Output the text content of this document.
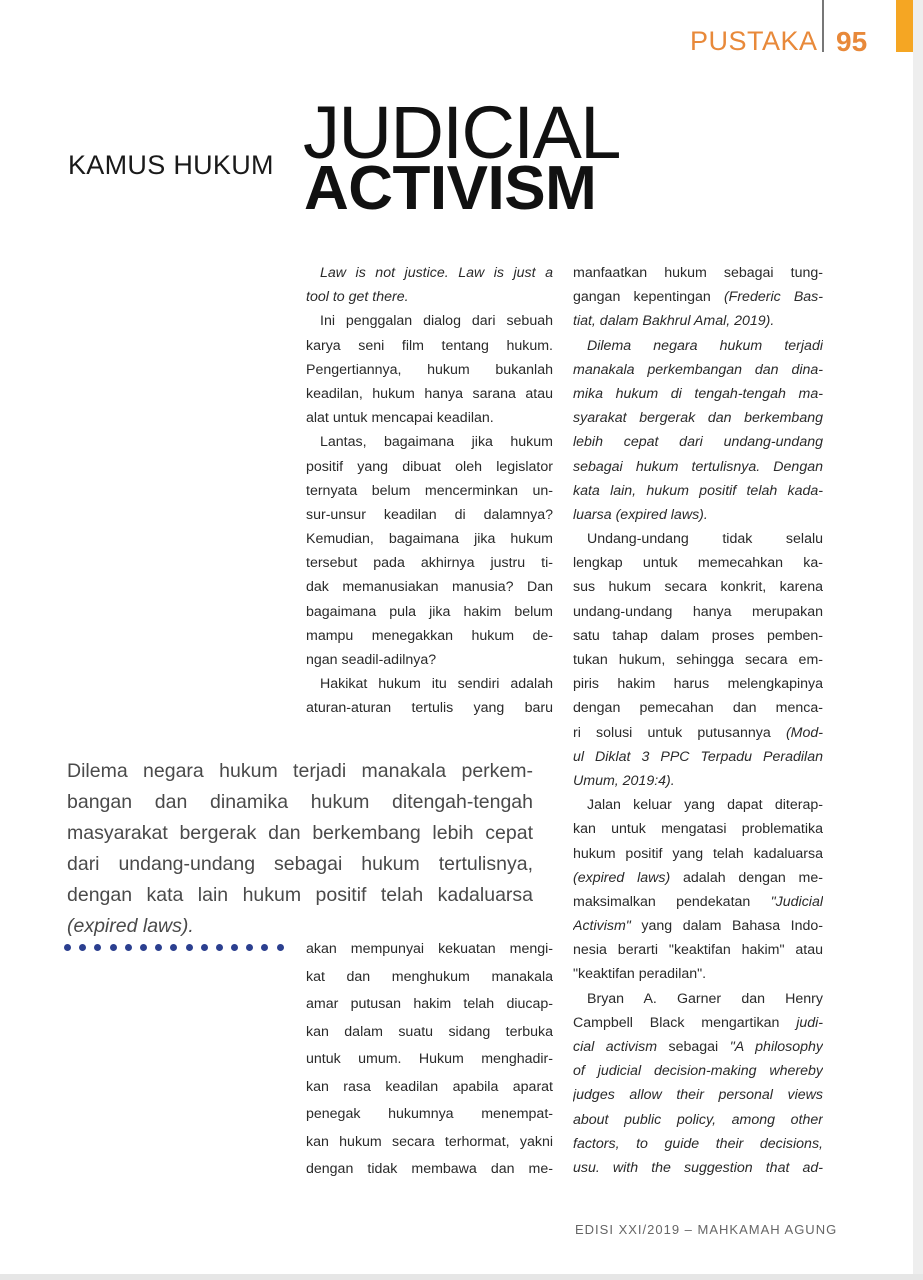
PUSTAKA 95
KAMUS HUKUM JUDICIAL
ACTIVISM
Law is not justice. Law is just a
tool to get there.
Ini penggalan dialog dari sebuah
karya seni film tentang hukum.
Pengertiannya, hukum bukanlah
keadilan, hukum hanya sarana atau
alat untuk mencapai keadilan.
Lantas, bagaimana jika hukum
positif yang dibuat oleh legislator
ternyata belum mencerminkan un-
sur-unsur keadilan di dalamnya?
Kemudian, bagaimana jika hukum
tersebut pada akhirnya justru ti-
dak memanusiakan manusia? Dan
bagaimana pula jika hakim belum
mampu menegakkan hukum de-
ngan seadil-adilnya?
Hakikat hukum itu sendiri adalah
aturan-aturan tertulis yang baru
akan mempunyai kekuatan mengi-
kat dan menghukum manakala
amar putusan hakim telah diucap-
kan dalam suatu sidang terbuka
untuk umum. Hukum menghadir-
kan rasa keadilan apabila aparat
penegak hukumnya menempat-
kan hukum secara terhormat, yakni
dengan tidak membawa dan me-
manfaatkan hukum sebagai tung-
gangan kepentingan (Frederic Bas-
tiat, dalam Bakhrul Amal, 2019).
Dilema negara hukum terjadi
manakala perkembangan dan dina-
mika hukum di tengah-tengah ma-
syarakat bergerak dan berkembang
lebih cepat dari undang-undang
sebagai hukum tertulisnya. Dengan
kata lain, hukum positif telah kada-
luarsa (expired laws).
Undang-undang tidak selalu
lengkap untuk memecahkan ka-
sus hukum secara konkrit, karena
undang-undang hanya merupakan
satu tahap dalam proses pemben-
tukan hukum, sehingga secara em-
piris hakim harus melengkapinya
dengan pemecahan dan menca-
ri solusi untuk putusannya (Mod-
ul Diklat 3 PPC Terpadu Peradilan
Umum, 2019:4).
Jalan keluar yang dapat diterap-
kan untuk mengatasi problematika
hukum positif yang telah kadaluarsa
(expired laws) adalah dengan me-
maksimalkan pendekatan "Judicial
Activism" yang dalam Bahasa Indo-
nesia berarti "keaktifan hakim" atau
"keaktifan peradilan".
Bryan A. Garner dan Henry
Campbell Black mengartikan judi-
cial activism sebagai "A philosophy
of judicial decision-making whereby
judges allow their personal views
about public policy, among other
factors, to guide their decisions,
usu. with the suggestion that ad-
Dilema negara hukum terjadi manakala perkem-
bangan dan dinamika hukum ditengah-tengah
masyarakat bergerak dan berkembang lebih cepat
dari undang-undang sebagai hukum tertulisnya,
dengan kata lain hukum positif telah kadaluarsa
(expired laws).
EDISI XXI/2019 – MAHKAMAH AGUNG
